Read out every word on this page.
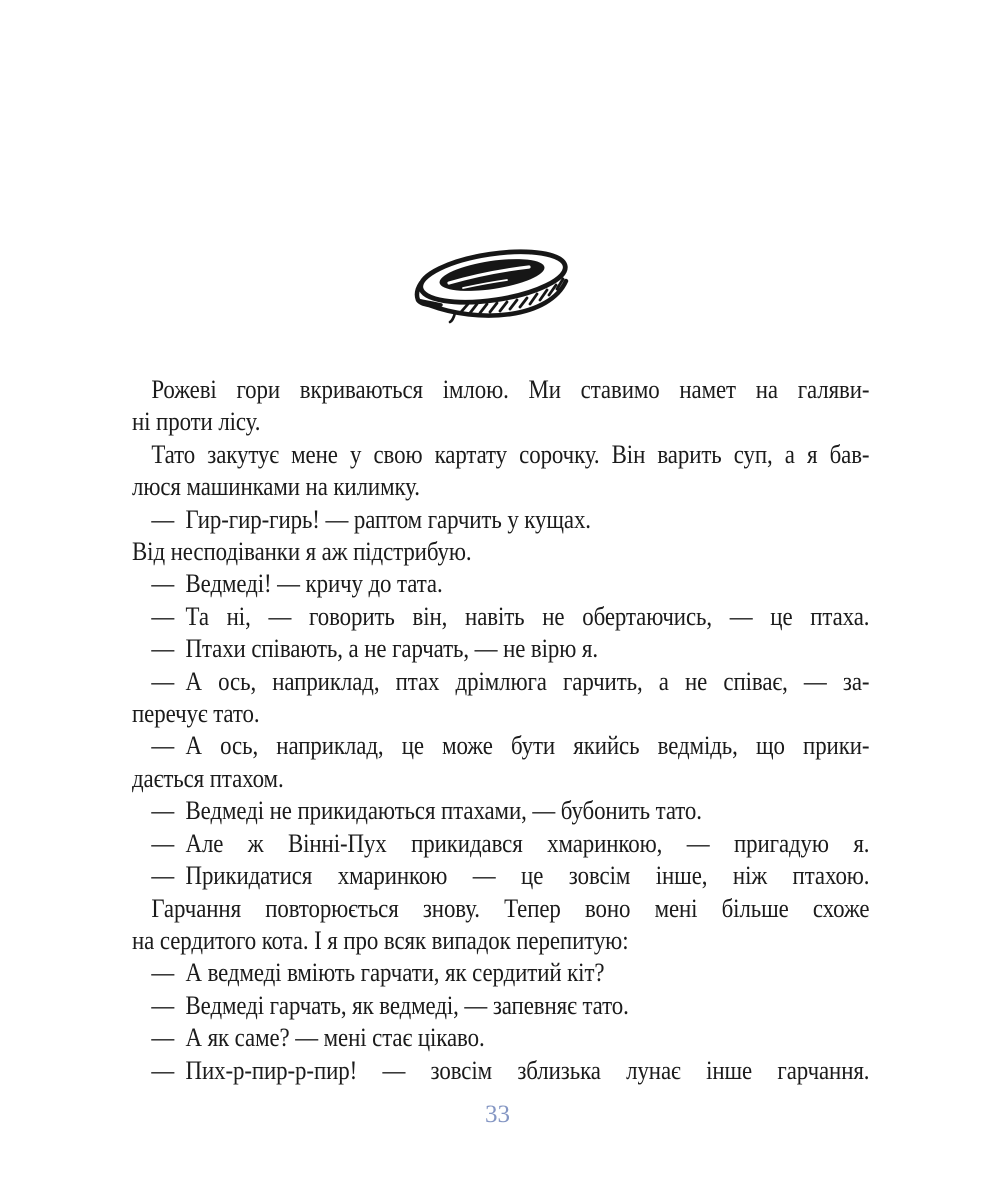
Рожеві гори вкриваються імлою. Ми ставимо намет на галяви-
ні проти лісу.
Тато закутує мене у свою картату сорочку. Він варить суп, а я бав-
люся машинками на килимку.
— Гир-гир-гирь! — раптом гарчить у кущах.
Від несподіванки я аж підстрибую.
— Ведмеді! — кричу до тата.
— Та ні, — говорить він, навіть не обертаючись, — це птаха.
— Птахи співають, а не гарчать, — не вірю я.
— А ось, наприклад, птах дрімлюга гарчить, а не співає, — за-
перечує тато.
— А ось, наприклад, це може бути якийсь ведмідь, що прики-
дається птахом.
— Ведмеді не прикидаються птахами, — бубонить тато.
— Але ж Вінні-Пух прикидався хмаринкою, — пригадую я.
— Прикидатися хмаринкою — це зовсім інше, ніж птахою.
Гарчання повторюється знову. Тепер воно мені більше схоже
на сердитого кота. І я про всяк випадок перепитую:
— А ведмеді вміють гарчати, як сердитий кіт?
— Ведмеді гарчать, як ведмеді, — запевняє тато.
— А як саме? — мені стає цікаво.
— Пих-р-пир-р-пир! — зовсім зблизька лунає інше гарчання.
33
